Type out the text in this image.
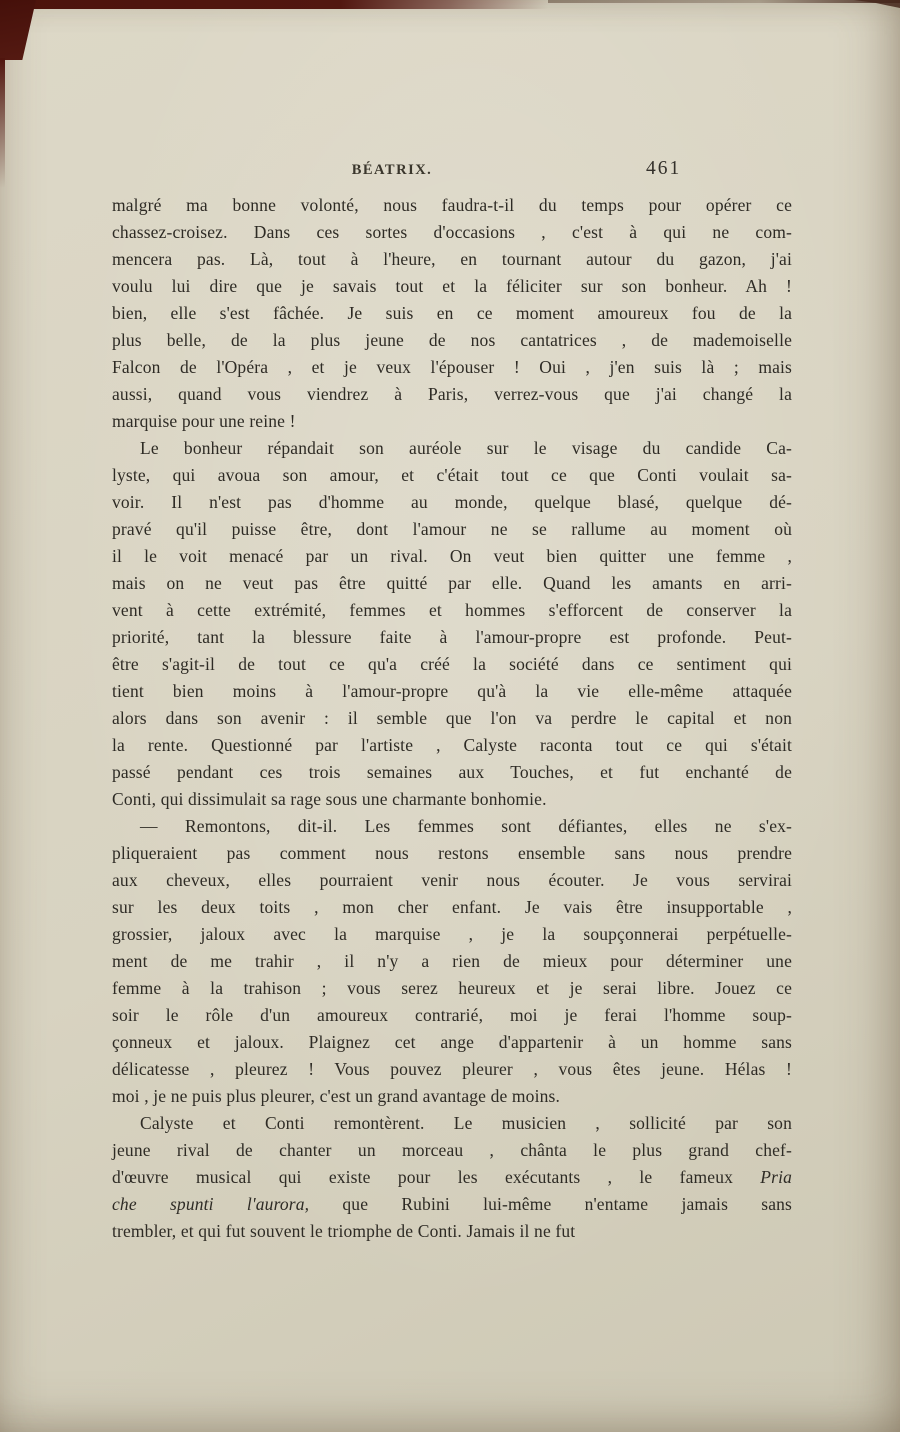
BÉATRIX.	461
malgré ma bonne volonté, nous faudra-t-il du temps pour opérer ce
chassez-croisez. Dans ces sortes d'occasions , c'est à qui ne com-
mencera pas. Là, tout à l'heure, en tournant autour du gazon, j'ai
voulu lui dire que je savais tout et la féliciter sur son bonheur. Ah !
bien, elle s'est fâchée. Je suis en ce moment amoureux fou de la
plus belle, de la plus jeune de nos cantatrices , de mademoiselle
Falcon de l'Opéra , et je veux l'épouser ! Oui , j'en suis là ; mais
aussi, quand vous viendrez à Paris, verrez-vous que j'ai changé la
marquise pour une reine !
Le bonheur répandait son auréole sur le visage du candide Ca-
lyste, qui avoua son amour, et c'était tout ce que Conti voulait sa-
voir. Il n'est pas d'homme au monde, quelque blasé, quelque dé-
pravé qu'il puisse être, dont l'amour ne se rallume au moment où
il le voit menacé par un rival. On veut bien quitter une femme ,
mais on ne veut pas être quitté par elle. Quand les amants en arri-
vent à cette extrémité, femmes et hommes s'efforcent de conserver la
priorité, tant la blessure faite à l'amour-propre est profonde. Peut-
être s'agit-il de tout ce qu'a créé la société dans ce sentiment qui
tient bien moins à l'amour-propre qu'à la vie elle-même attaquée
alors dans son avenir : il semble que l'on va perdre le capital et non
la rente. Questionné par l'artiste , Calyste raconta tout ce qui s'était
passé pendant ces trois semaines aux Touches, et fut enchanté de
Conti, qui dissimulait sa rage sous une charmante bonhomie.
— Remontons, dit-il. Les femmes sont défiantes, elles ne s'ex-
pliqueraient pas comment nous restons ensemble sans nous prendre
aux cheveux, elles pourraient venir nous écouter. Je vous servirai
sur les deux toits , mon cher enfant. Je vais être insupportable ,
grossier, jaloux avec la marquise , je la soupçonnerai perpétuelle-
ment de me trahir , il n'y a rien de mieux pour déterminer une
femme à la trahison ; vous serez heureux et je serai libre. Jouez ce
soir le rôle d'un amoureux contrarié, moi je ferai l'homme soup-
çonneux et jaloux. Plaignez cet ange d'appartenir à un homme sans
délicatesse , pleurez ! Vous pouvez pleurer , vous êtes jeune. Hélas !
moi , je ne puis plus pleurer, c'est un grand avantage de moins.
Calyste et Conti remontèrent. Le musicien , sollicité par son
jeune rival de chanter un morceau , chânta le plus grand chef-
d'œuvre musical qui existe pour les exécutants , le fameux Pria
che spunti l'aurora, que Rubini lui-même n'entame jamais sans
trembler, et qui fut souvent le triomphe de Conti. Jamais il ne fut
